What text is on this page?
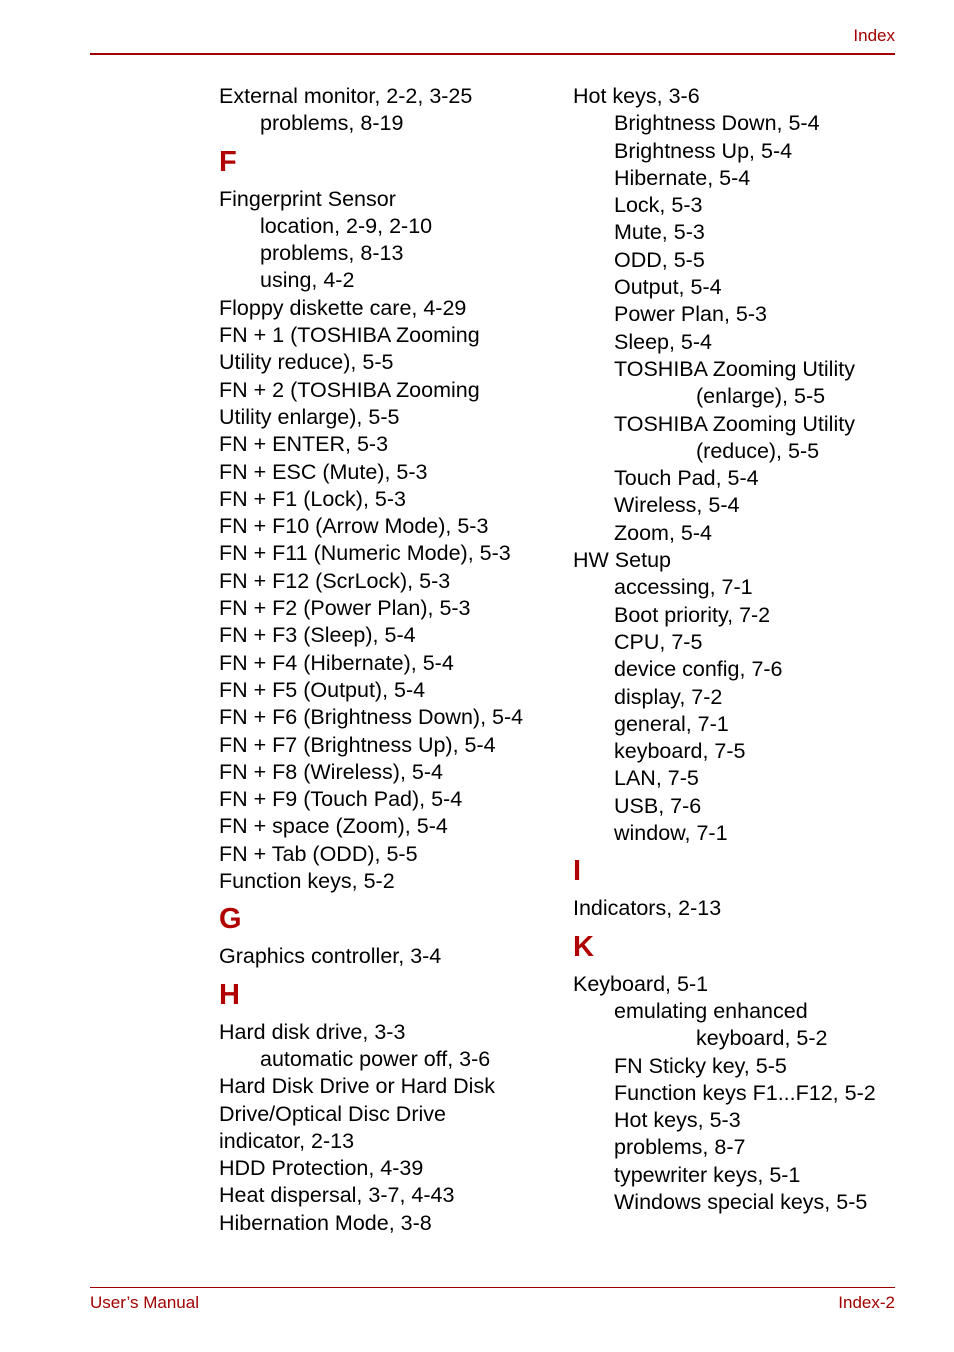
Index
External monitor, 2-2, 3-25
problems, 8-19
F
Fingerprint Sensor
location, 2-9, 2-10
problems, 8-13
using, 4-2
Floppy diskette care, 4-29
FN + 1 (TOSHIBA Zooming
Utility reduce), 5-5
FN + 2 (TOSHIBA Zooming
Utility enlarge), 5-5
FN + ENTER, 5-3
FN + ESC (Mute), 5-3
FN + F1 (Lock), 5-3
FN + F10 (Arrow Mode), 5-3
FN + F11 (Numeric Mode), 5-3
FN + F12 (ScrLock), 5-3
FN + F2 (Power Plan), 5-3
FN + F3 (Sleep), 5-4
FN + F4 (Hibernate), 5-4
FN + F5 (Output), 5-4
FN + F6 (Brightness Down), 5-4
FN + F7 (Brightness Up), 5-4
FN + F8 (Wireless), 5-4
FN + F9 (Touch Pad), 5-4
FN + space (Zoom), 5-4
FN + Tab (ODD), 5-5
Function keys, 5-2
G
Graphics controller, 3-4
H
Hard disk drive, 3-3
automatic power off, 3-6
Hard Disk Drive or Hard Disk
Drive/Optical Disc Drive
indicator, 2-13
HDD Protection, 4-39
Heat dispersal, 3-7, 4-43
Hibernation Mode, 3-8
Hot keys, 3-6
Brightness Down, 5-4
Brightness Up, 5-4
Hibernate, 5-4
Lock, 5-3
Mute, 5-3
ODD, 5-5
Output, 5-4
Power Plan, 5-3
Sleep, 5-4
TOSHIBA Zooming Utility
(enlarge), 5-5
TOSHIBA Zooming Utility
(reduce), 5-5
Touch Pad, 5-4
Wireless, 5-4
Zoom, 5-4
HW Setup
accessing, 7-1
Boot priority, 7-2
CPU, 7-5
device config, 7-6
display, 7-2
general, 7-1
keyboard, 7-5
LAN, 7-5
USB, 7-6
window, 7-1
I
Indicators, 2-13
K
Keyboard, 5-1
emulating enhanced
keyboard, 5-2
FN Sticky key, 5-5
Function keys F1...F12, 5-2
Hot keys, 5-3
problems, 8-7
typewriter keys, 5-1
Windows special keys, 5-5
User’s Manual	Index-2
